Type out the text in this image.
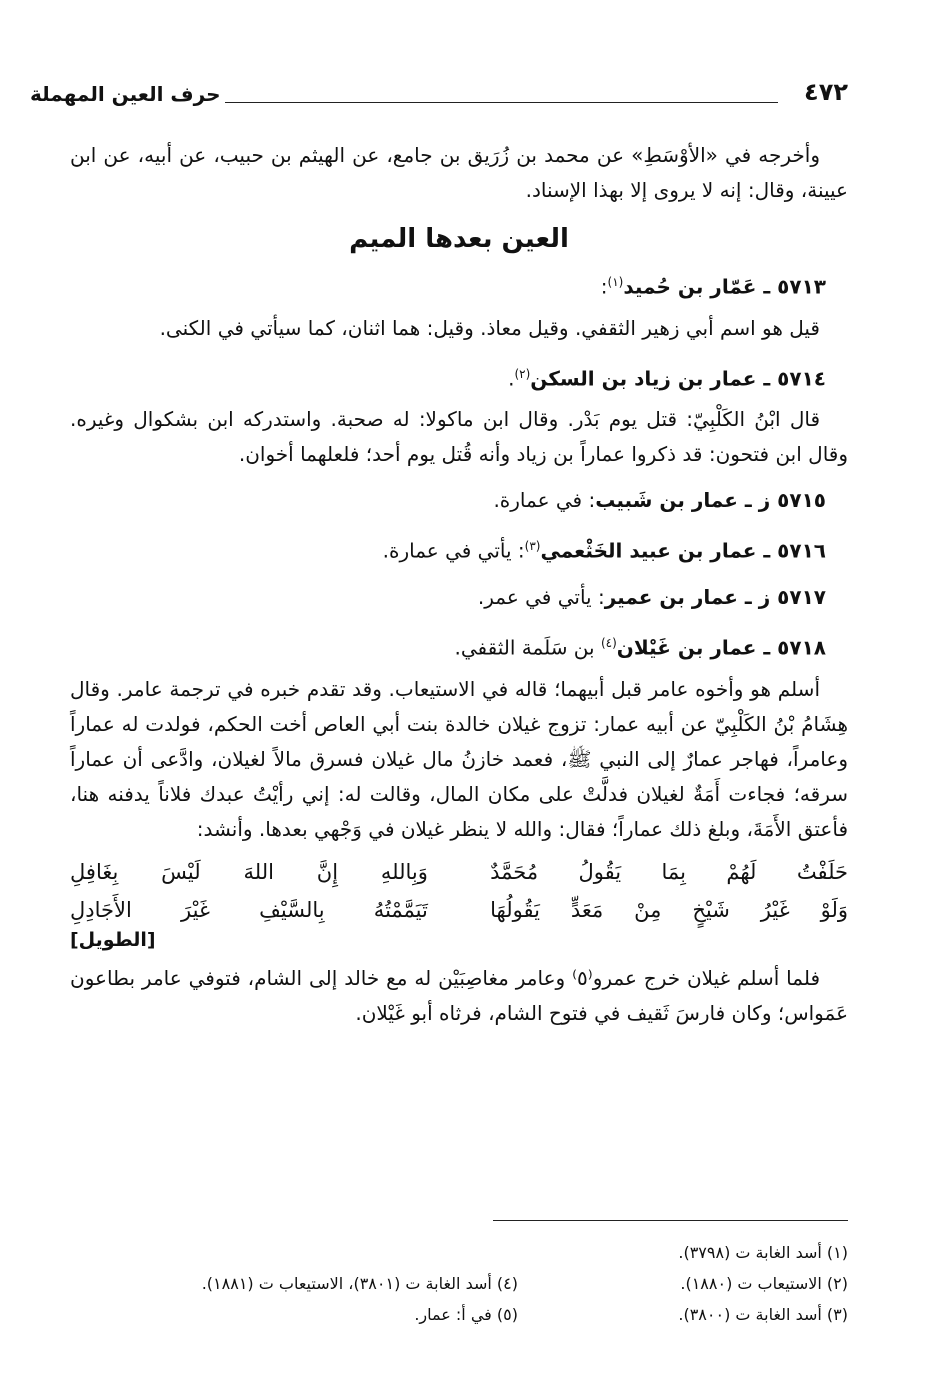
٤٧٢
حرف العين المهملة

وأخرجه في «الأوْسَطِ» عن محمد بن زُرَيق بن جامع، عن الهيثم بن حبيب، عن أبيه، عن ابن عيينة، وقال: إنه لا يروى إلا بهذا الإسناد.

العين بعدها الميم
٥٧١٣ ـ عَمّار بن حُميد$^{(١)}$:

قيل هو اسم أبي زهير الثقفي. وقيل معاذ. وقيل: هما اثنان، كما سيأتي في الكنى.

٥٧١٤ ـ عمار بن زياد بن السكن$^{(٢)}$.

قال ابْنُ الكَلْبِيّ: قتل يوم بَدْر. وقال ابن ماكولا: له صحبة. واستدركه ابن بشكوال وغيره. وقال ابن فتحون: قد ذكروا عماراً بن زياد وأنه قُتل يوم أحد؛ فلعلهما أخوان.

٥٧١٥ ز ـ عمار بن شَبيب: في عمارة.
٥٧١٦ ـ عمار بن عبيد الخَثْعمي$^{(٣)}$: يأتي في عمارة.
٥٧١٧ ز ـ عمار بن عمير: يأتي في عمر.
٥٧١٨ ـ عمار بن غَيْلان$^{(٤)}$ بن سَلَمة الثقفي.

أسلم هو وأخوه عامر قبل أبيهما؛ قاله في الاستيعاب. وقد تقدم خبره في ترجمة عامر. وقال هِشَامُ بْنُ الكَلْبِيّ عن أبيه عمار: تزوج غيلان خالدة بنت أبي العاص أخت الحكم، فولدت له عماراً وعامراً، فهاجر عمارٌ إلى النبي ﷺ، فعمد خازنُ مال غيلان فسرق مالاً لغيلان، وادَّعى أن عماراً سرقه؛ فجاءت أَمَةٌ لغيلان فدلَّتْ على مكان المال، وقالت له: إني رأيْتُ عبدك فلاناً يدفنه هنا، فأعتق الأَمَةَ، وبلغ ذلك عماراً؛ فقال: والله لا ينظر غيلان في وَجْهي بعدها. وأنشد:

حَلَفْتُ لَهُمْ بِمَا يَقُولُ مُحَمَّدٌ
وَبِاللهِ إِنَّ اللهَ لَيْسَ بِغَافِلِ
وَلَوْ غَيْرُ شَيْخٍ مِنْ مَعَدٍّ يَقُولُهَا
تَيَمَّمْتُهُ بِالسَّيْفِ غَيْرَ الأَجَادِلِ
[الطويل]

فلما أسلم غيلان خرج عمرو⁽٥⁾ وعامر مغاصِبَيْن له مع خالد إلى الشام، فتوفي عامر بطاعون عَمَواس؛ وكان فارسَ ثَقيف في فتوح الشام، فرثاه أبو غَيْلان.

(١) أسد الغابة ت (٣٧٩٨).
(٢) الاستيعاب ت (١٨٨٠).
(٤) أسد الغابة ت (٣٨٠١)، الاستيعاب ت (١٨٨١).
(٣) أسد الغابة ت (٣٨٠٠).
(٥) في أ: عمار.
